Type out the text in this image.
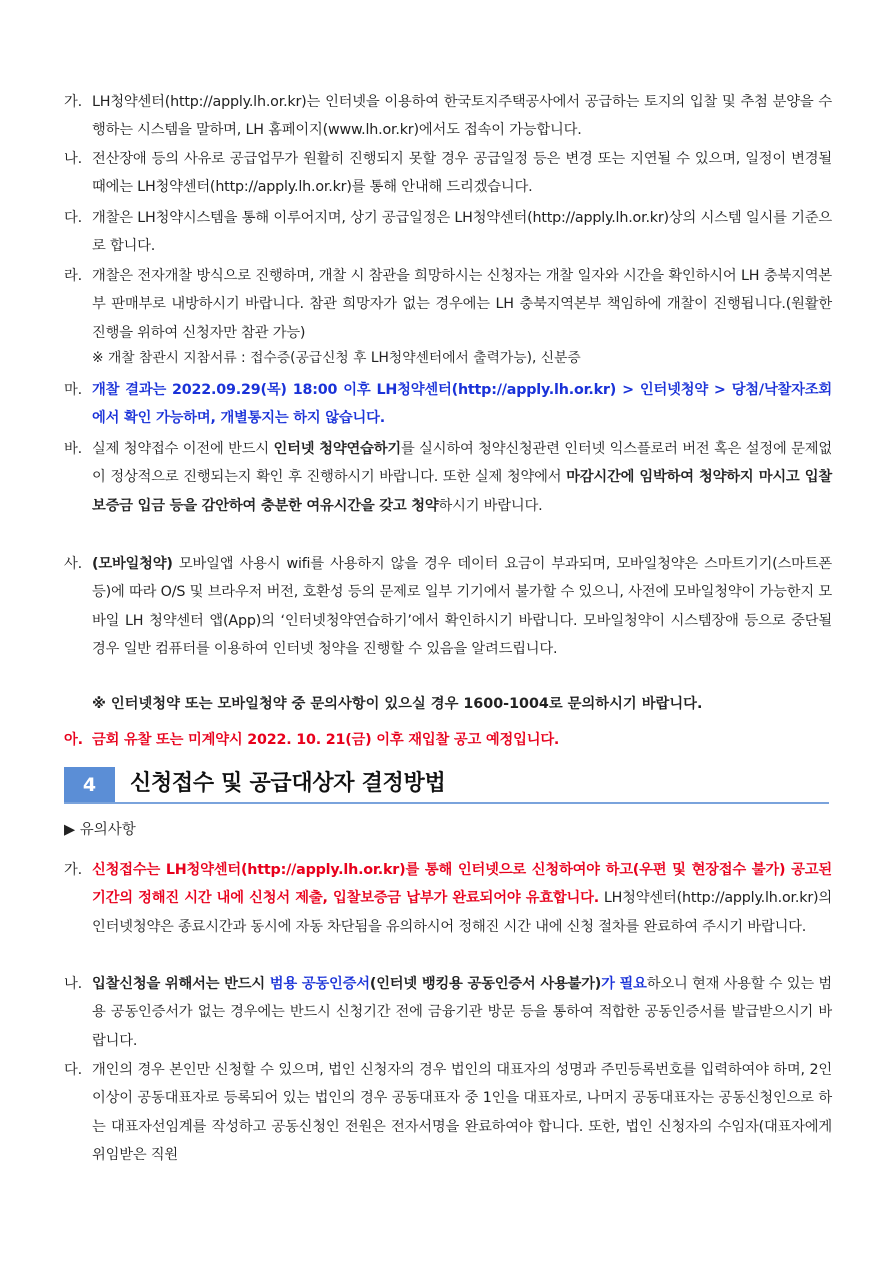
가. LH청약센터(http://apply.lh.or.kr)는 인터넷을 이용하여 한국토지주택공사에서 공급하는 토지의 입찰 및 추첨 분양을 수행하는 시스템을 말하며, LH 홈페이지(www.lh.or.kr)에서도 접속이 가능합니다.
나. 전산장애 등의 사유로 공급업무가 원활히 진행되지 못할 경우 공급일정 등은 변경 또는 지연될 수 있으며, 일정이 변경될 때에는 LH청약센터(http://apply.lh.or.kr)를 통해 안내해 드리겠습니다.
다. 개찰은 LH청약시스템을 통해 이루어지며, 상기 공급일정은 LH청약센터(http://apply.lh.or.kr)상의 시스템 일시를 기준으로 합니다.
라. 개찰은 전자개찰 방식으로 진행하며, 개찰 시 참관을 희망하시는 신청자는 개찰 일자와 시간을 확인하시어 LH 충북지역본부 판매부로 내방하시기 바랍니다. 참관 희망자가 없는 경우에는 LH 충북지역본부 책임하에 개찰이 진행됩니다.(원활한 진행을 위하여 신청자만 참관 가능)
※ 개찰 참관시 지참서류 : 접수증(공급신청 후 LH청약센터에서 출력가능), 신분증
마. 개찰 결과는 2022.09.29(목) 18:00 이후 LH청약센터(http://apply.lh.or.kr) > 인터넷청약 > 당첨/낙찰자조회에서 확인 가능하며, 개별통지는 하지 않습니다.
바. 실제 청약접수 이전에 반드시 인터넷 청약연습하기를 실시하여 청약신청관련 인터넷 익스플로러 버전 혹은 설정에 문제없이 정상적으로 진행되는지 확인 후 진행하시기 바랍니다. 또한 실제 청약에서 마감시간에 임박하여 청약하지 마시고 입찰보증금 입금 등을 감안하여 충분한 여유시간을 갖고 청약하시기 바랍니다.
사. (모바일청약) 모바일앱 사용시 wifi를 사용하지 않을 경우 데이터 요금이 부과되며, 모바일청약은 스마트기기(스마트폰 등)에 따라 O/S 및 브라우저 버전, 호환성 등의 문제로 일부 기기에서 불가할 수 있으니, 사전에 모바일청약이 가능한지 모바일 LH 청약센터 앱(App)의 ‘인터넷청약연습하기’에서 확인하시기 바랍니다. 모바일청약이 시스템장애 등으로 중단될 경우 일반 컴퓨터를 이용하여 인터넷 청약을 진행할 수 있음을 알려드립니다.
※ 인터넷청약 또는 모바일청약 중 문의사항이 있으실 경우 1600-1004로 문의하시기 바랍니다.
아. 금회 유찰 또는 미계약시 2022. 10. 21(금) 이후 재입찰 공고 예정입니다.
4	신청접수 및 공급대상자 결정방법
▶ 유의사항
가. 신청접수는 LH청약센터(http://apply.lh.or.kr)를 통해 인터넷으로 신청하여야 하고(우편 및 현장접수 불가) 공고된 기간의 정해진 시간 내에 신청서 제출, 입찰보증금 납부가 완료되어야 유효합니다. LH청약센터(http://apply.lh.or.kr)의 인터넷청약은 종료시간과 동시에 자동 차단됨을 유의하시어 정해진 시간 내에 신청 절차를 완료하여 주시기 바랍니다.
나. 입찰신청을 위해서는 반드시 범용 공동인증서(인터넷 뱅킹용 공동인증서 사용불가)가 필요하오니 현재 사용할 수 있는 범용 공동인증서가 없는 경우에는 반드시 신청기간 전에 금융기관 방문 등을 통하여 적합한 공동인증서를 발급받으시기 바랍니다.
다. 개인의 경우 본인만 신청할 수 있으며, 법인 신청자의 경우 법인의 대표자의 성명과 주민등록번호를 입력하여야 하며, 2인 이상이 공동대표자로 등록되어 있는 법인의 경우 공동대표자 중 1인을 대표자로, 나머지 공동대표자는 공동신청인으로 하는 대표자선임계를 작성하고 공동신청인 전원은 전자서명을 완료하여야 합니다. 또한, 법인 신청자의 수임자(대표자에게 위임받은 직원
